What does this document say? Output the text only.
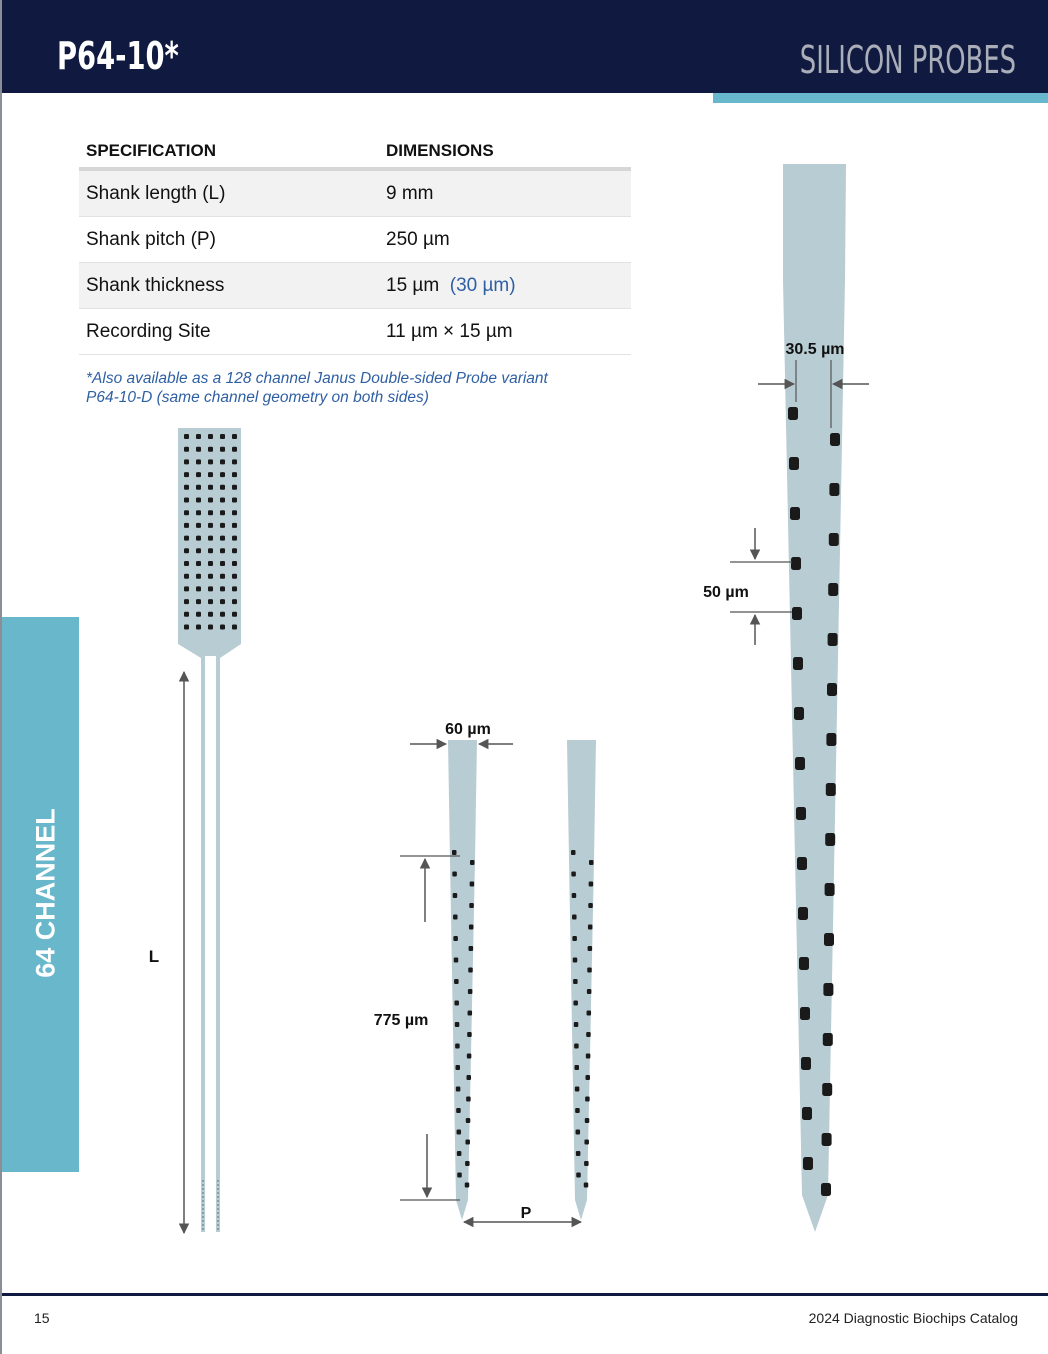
P64-10*	SILICON PROBES
SPECIFICATION	DIMENSIONS
Shank length (L)	9 mm
Shank pitch (P)	250 µm
Shank thickness	15 µm (30 µm)
Recording Site	11 µm × 15 µm
*Also available as a 128 channel Janus Double-sided Probe variant
P64-10-D (same channel geometry on both sides)
64 CHANNEL	L
60 µm
775 µm
P
30.5 µm
50 µm
15	2024 Diagnostic Biochips Catalog
